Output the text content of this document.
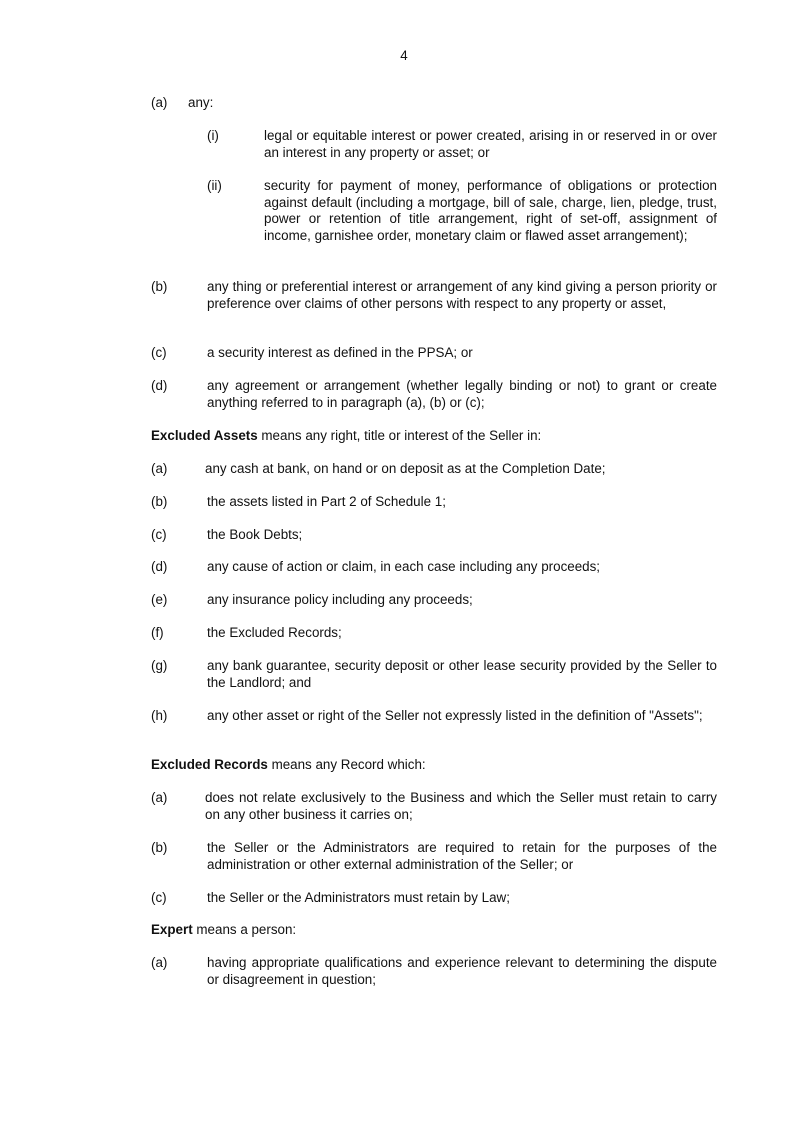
4
(a) any:
(i)	legal or equitable interest or power created, arising in or reserved in or over an interest in any property or asset; or
(ii)	security for payment of money, performance of obligations or protection against default (including a mortgage, bill of sale, charge, lien, pledge, trust, power or retention of title arrangement, right of set-off, assignment of income, garnishee order, monetary claim or flawed asset arrangement);
(b)	any thing or preferential interest or arrangement of any kind giving a person priority or preference over claims of other persons with respect to any property or asset,
(c)	a security interest as defined in the PPSA; or
(d)	any agreement or arrangement (whether legally binding or not) to grant or create anything referred to in paragraph (a), (b) or (c);
Excluded Assets means any right, title or interest of the Seller in:
(a)	any cash at bank, on hand or on deposit as at the Completion Date;
(b)	the assets listed in Part 2 of Schedule 1;
(c)	the Book Debts;
(d)	any cause of action or claim, in each case including any proceeds;
(e)	any insurance policy including any proceeds;
(f)	the Excluded Records;
(g)	any bank guarantee, security deposit or other lease security provided by the Seller to the Landlord; and
(h)	any other asset or right of the Seller not expressly listed in the definition of "Assets";
Excluded Records means any Record which:
(a)	does not relate exclusively to the Business and which the Seller must retain to carry on any other business it carries on;
(b)	the Seller or the Administrators are required to retain for the purposes of the administration or other external administration of the Seller; or
(c)	the Seller or the Administrators must retain by Law;
Expert means a person:
(a)	having appropriate qualifications and experience relevant to determining the dispute or disagreement in question;
